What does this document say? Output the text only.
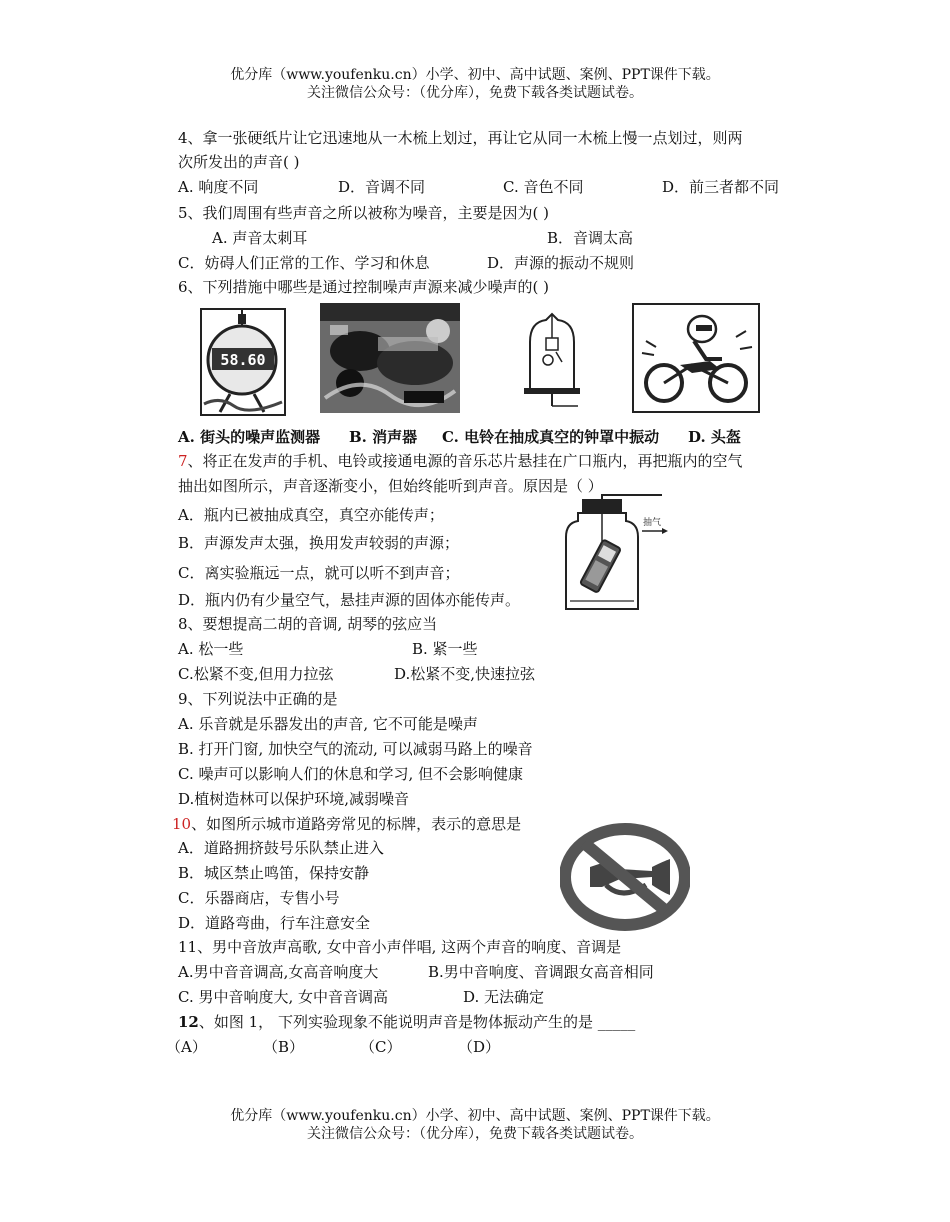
优分库（www.youfenku.cn）小学、初中、高中试题、案例、PPT课件下载。
关注微信公众号：（优分库），免费下载各类试题试卷。
4、拿一张硬纸片让它迅速地从一木梳上划过，再让它从同一木梳上慢一点划过，则两
次所发出的声音( )
A. 响度不同	D．音调不同	C. 音色不同	D．前三者都不同
5、我们周围有些声音之所以被称为噪音，主要是因为( )
A. 声音太刺耳	B．音调太高
C．妨碍人们正常的工作、学习和休息	D．声源的振动不规则
6、下列措施中哪些是通过控制噪声声源来减少噪声的( )
58.60
A. 街头的噪声监测器 B. 消声器 C. 电铃在抽成真空的钟罩中振动 D. 头盔
7、将正在发声的手机、电铃或接通电源的音乐芯片悬挂在广口瓶内，再把瓶内的空气
抽出如图所示，声音逐渐变小，但始终能听到声音。原因是（ ）
A．瓶内已被抽成真空，真空亦能传声；
B．声源发声太强，换用发声较弱的声源；
C．离实验瓶远一点，就可以听不到声音；
D．瓶内仍有少量空气，悬挂声源的固体亦能传声。
抽气
8、要想提高二胡的音调, 胡琴的弦应当
A. 松一些	B. 紧一些
C.松紧不变,但用力拉弦	D.松紧不变,快速拉弦
9、下列说法中正确的是
A. 乐音就是乐器发出的声音, 它不可能是噪声
B. 打开门窗, 加快空气的流动, 可以减弱马路上的噪音
C. 噪声可以影响人们的休息和学习, 但不会影响健康
D.植树造林可以保护环境,减弱噪音
10、如图所示城市道路旁常见的标牌，表示的意思是
A．道路拥挤鼓号乐队禁止进入
B．城区禁止鸣笛，保持安静
C．乐器商店，专售小号
D．道路弯曲，行车注意安全
11、男中音放声高歌, 女中音小声伴唱, 这两个声音的响度、音调是
A.男中音音调高,女高音响度大	B.男中音响度、音调跟女高音相同
C. 男中音响度大, 女中音音调高	D. 无法确定
12、如图 1， 下列实验现象不能说明声音是物体振动产生的是 _____
（A）	（B）	（C）	（D）
优分库（www.youfenku.cn）小学、初中、高中试题、案例、PPT课件下载。
关注微信公众号：（优分库），免费下载各类试题试卷。
